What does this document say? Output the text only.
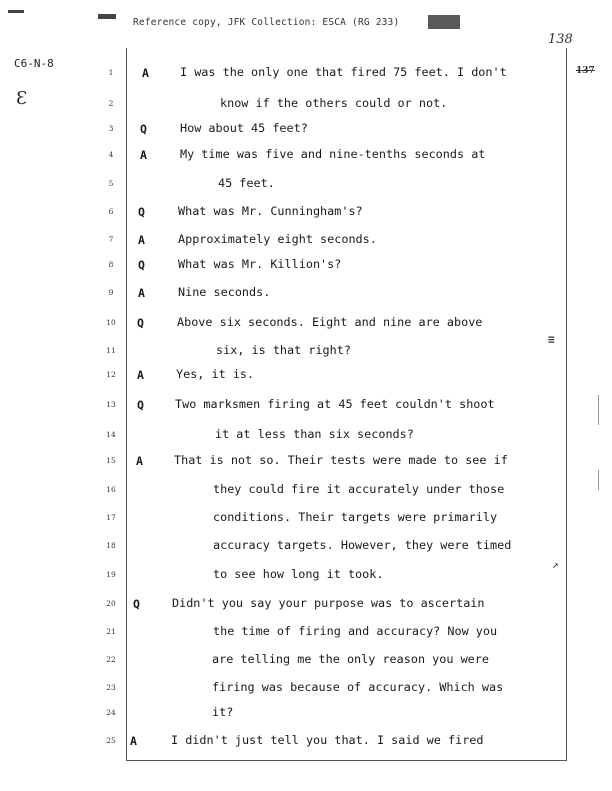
Reference copy, JFK Collection: ESCA (RG 233)
138
137
C6-N-8
Ɛ
≡
↗
1	A	I was the only one that fired 75 feet. I don't
2	know if the others could or not.
3	Q	How about 45 feet?
4	A	My time was five and nine-tenths seconds at
5	45 feet.
6	Q	What was Mr. Cunningham's?
7	A	Approximately eight seconds.
8	Q	What was Mr. Killion's?
9	A	Nine seconds.
10	Q	Above six seconds. Eight and nine are above
11	six, is that right?
12	A	Yes, it is.
13	Q	Two marksmen firing at 45 feet couldn't shoot
14	it at less than six seconds?
15	A	That is not so. Their tests were made to see if
16	they could fire it accurately under those
17	conditions. Their targets were primarily
18	accuracy targets. However, they were timed
19	to see how long it took.
20	Q	Didn't you say your purpose was to ascertain
21	the time of firing and accuracy? Now you
22	are telling me the only reason you were
23	firing was because of accuracy. Which was
24	it?
25	A	I didn't just tell you that. I said we fired
